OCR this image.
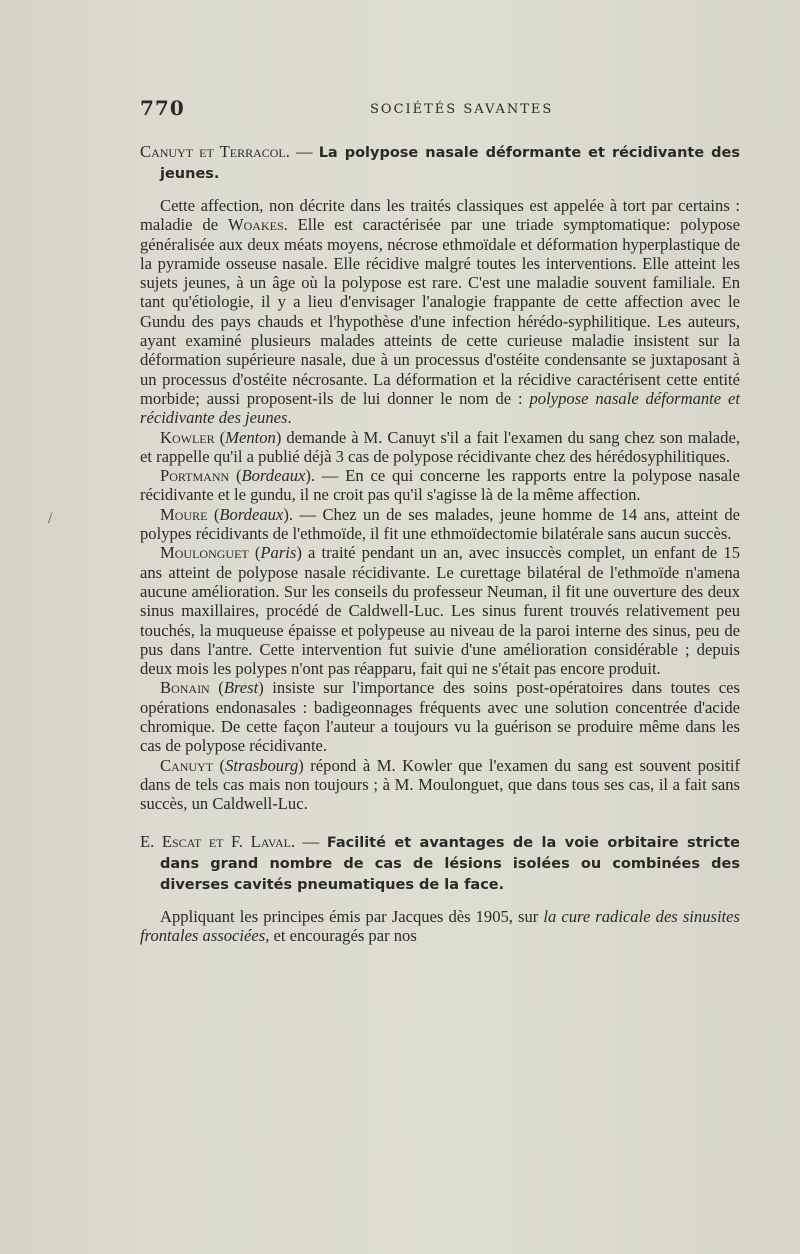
770	SOCIÉTÉS SAVANTES
/

Canuyt et Terracol. — La polypose nasale déformante et récidivante des jeunes.

Cette affection, non décrite dans les traités classiques est appelée à tort par certains : maladie de Woakes. Elle est caractérisée par une triade symptomatique: polypose généralisée aux deux méats moyens, nécrose ethmoïdale et déformation hyperplastique de la pyramide osseuse nasale. Elle récidive malgré toutes les interventions. Elle atteint les sujets jeunes, à un âge où la polypose est rare. C'est une maladie souvent familiale. En tant qu'étiologie, il y a lieu d'envisager l'analogie frappante de cette affection avec le Gundu des pays chauds et l'hypothèse d'une infection hérédo-syphilitique. Les auteurs, ayant examiné plusieurs malades atteints de cette curieuse maladie insistent sur la déformation supérieure nasale, due à un processus d'ostéite condensante se juxtaposant à un processus d'ostéite nécrosante. La déformation et la récidive caractérisent cette entité morbide; aussi proposent-ils de lui donner le nom de : polypose nasale déformante et récidivante des jeunes.

Kowler (Menton) demande à M. Canuyt s'il a fait l'examen du sang chez son malade, et rappelle qu'il a publié déjà 3 cas de polypose récidivante chez des hérédosyphilitiques.

Portmann (Bordeaux). — En ce qui concerne les rapports entre la polypose nasale récidivante et le gundu, il ne croit pas qu'il s'agisse là de la même affection.

Moure (Bordeaux). — Chez un de ses malades, jeune homme de 14 ans, atteint de polypes récidivants de l'ethmoïde, il fit une ethmoïdectomie bilatérale sans aucun succès.

Moulonguet (Paris) a traité pendant un an, avec insuccès complet, un enfant de 15 ans atteint de polypose nasale récidivante. Le curettage bilatéral de l'ethmoïde n'amena aucune amélioration. Sur les conseils du professeur Neuman, il fit une ouverture des deux sinus maxillaires, procédé de Caldwell-Luc. Les sinus furent trouvés relativement peu touchés, la muqueuse épaisse et polypeuse au niveau de la paroi interne des sinus, peu de pus dans l'antre. Cette intervention fut suivie d'une amélioration considérable ; depuis deux mois les polypes n'ont pas réapparu, fait qui ne s'était pas encore produit.

Bonain (Brest) insiste sur l'importance des soins post-opératoires dans toutes ces opérations endonasales : badigeonnages fréquents avec une solution concentrée d'acide chromique. De cette façon l'auteur a toujours vu la guérison se produire même dans les cas de polypose récidivante.

Canuyt (Strasbourg) répond à M. Kowler que l'examen du sang est souvent positif dans de tels cas mais non toujours ; à M. Moulonguet, que dans tous ses cas, il a fait sans succès, un Caldwell-Luc.

E. Escat et F. Laval. — Facilité et avantages de la voie orbitaire stricte dans grand nombre de cas de lésions isolées ou combinées des diverses cavités pneumatiques de la face.

Appliquant les principes émis par Jacques dès 1905, sur la cure radicale des sinusites frontales associées, et encouragés par nos
